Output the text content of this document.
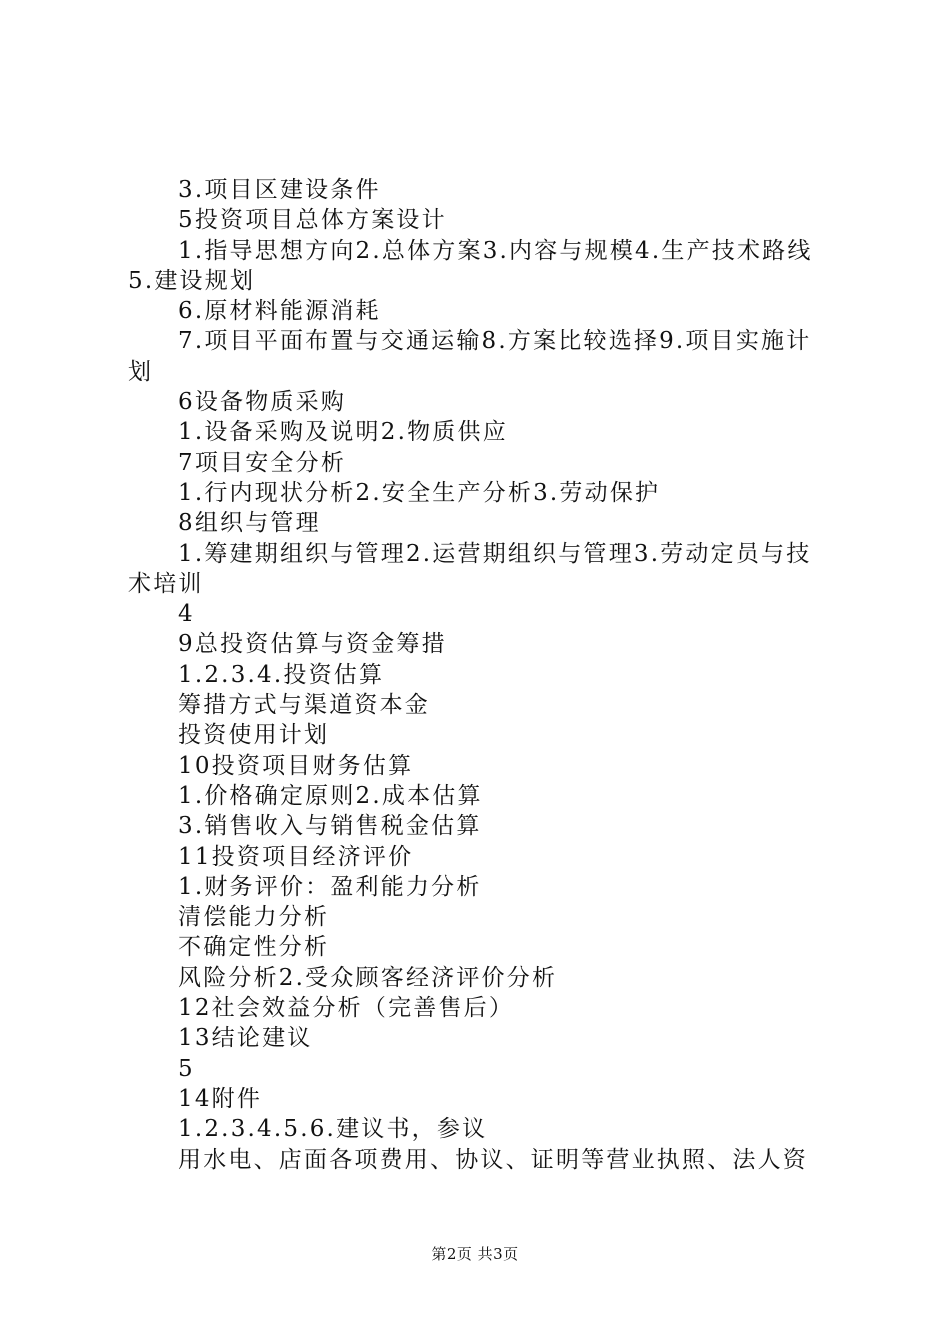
3.项目区建设条件

5投资项目总体方案设计

1.指导思想方向2.总体方案3.内容与规模4.生产技术路线5.建设规划

6.原材料能源消耗

7.项目平面布置与交通运输8.方案比较选择9.项目实施计划

6设备物质采购

1.设备采购及说明2.物质供应

7项目安全分析

1.行内现状分析2.安全生产分析3.劳动保护

8组织与管理

1.筹建期组织与管理2.运营期组织与管理3.劳动定员与技术培训

4

9总投资估算与资金筹措

1.2.3.4.投资估算

筹措方式与渠道资本金

投资使用计划

10投资项目财务估算

1.价格确定原则2.成本估算

3.销售收入与销售税金估算

11投资项目经济评价

1.财务评价：盈利能力分析

清偿能力分析

不确定性分析

风险分析2.受众顾客经济评价分析

12社会效益分析（完善售后）

13结论建议

5

14附件

1.2.3.4.5.6.建议书，参议

用水电、店面各项费用、协议、证明等营业执照、法人资

第2页 共3页
